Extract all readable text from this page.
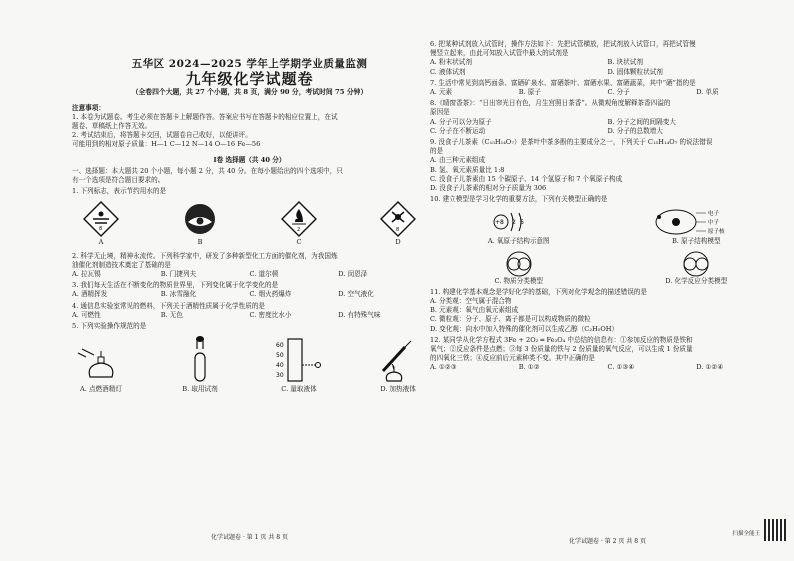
五华区 2024—2025 学年上学期学业质量监测
九年级化学试题卷
（全卷四个大题，共 27 个小题，共 8 页，满分 90 分，考试时间 75 分钟）
注意事项：
1. 本卷为试题卷。考生必须在答题卡上解题作答。答案应书写在答题卡的相应位置上，在试
题卷、草稿纸上作答无效。
2. 考试结束后，将答题卡交回，试题卷自己收好，以便讲评。
可能用到的相对原子质量：H—1 C—12 N—14 O—16 Fe—56
Ⅰ卷 选择题（共 40 分）
一、选择题：本大题共 20 个小题，每小题 2 分，共 40 分。在每小题给出的四个选项中，只
有一个选项是符合题目要求的。
1. 下列标志，表示节约用水的是
8
A	B
2
C
8
D
2. 科学无止境，精神永流传。下列科学家中，研发了多种新型化工方面的催化剂，为我国炼
油催化剂制造技术奠定了基础的是
A. 拉瓦锡	B. 门捷列夫	C. 道尔顿	D. 闵恩泽
3. 我们每天生活在不断变化的物质世界里，下列变化属于化学变化的是
A. 酒精挥发	B. 冰雪融化	C. 烟火药爆炸	D. 空气液化
4. 通信息实验室常见的燃料，下列关于酒精性质属于化学性质的是
A. 可燃性	B. 无色	C. 密度比水小	D. 有特殊气味
5. 下列实验操作规范的是
A. 点燃酒精灯	B. 取用试剂
60
50
40
30
C. 量取液体	D. 加热液体
化学试题卷 · 第 1 页 共 8 页
6. 把某种试剂放入试管时，操作方法如下：先把试管横放，把试剂放入试管口，再把试管慢
慢竖立起来，由此可知放入试管中最大的试剂是
A. 粉末状试剂	B. 块状试剂
C. 液体试剂	D. 固体颗粒状试剂
7. 生活中常见到高钙面条、富硒矿泉水、富硒茶叶、富硒水果、富硒蔬菜，其中“硒”指的是
A. 元素	B. 原子	C. 分子	D. 单质
8.《晴窗香茶》：“日出帘光日有色，月生宫照日茶香”。从微观角度解释茶香四溢的
原因是
A. 分子可以分为原子	B. 分子之间的间隔变大
C. 分子在不断运动	D. 分子的总数增大
9. 没食子儿茶素（C₁₅H₁₄O₇）是茶叶中茶多酚的主要成分之一，下列关于 C₁₅H₁₄O₇ 的说法错误
的是
A. 由三种元素组成
B. 氢、氧元素质量比 1:8
C. 没食子儿茶素由 15 个碳原子、14 个氢原子和 7 个氧原子构成
D. 没食子儿茶素的相对分子质量为 306
10. 建立模型是学习化学的重要方法，下列有关模型正确的是
+8 2 6
A. 氧原子结构示意图
电子
中子
原子核
B. 原子结构模型
C. 物质分类模型	D. 化学反应分类模型
11. 构建化学基本观念是学好化学的基础，下列对化学观念的描述错误的是
A. 分类观：空气属于混合物
B. 元素观：氧气由氧元素组成
C. 微粒观：分子、原子、离子都是可以构成物质的微粒
D. 变化观：向水中加入特殊的催化剂可以生成乙醇（C₂H₅OH）
12. 某同学从化学方程式 3Fe + 2O₂ ═ Fe₃O₄ 中总结的信息有：①参加反应的物质是铁和
氧气；②反应条件是点燃；③每 3 份质量的铁与 2 份质量的氧气反应，可以生成 1 份质量
的四氧化三铁；④反应前后元素种类不变。其中正确的是
A. ①②③	B. ①②	C. ①③④	D. ①②④
化学试题卷 · 第 2 页 共 8 页
扫描全能王
